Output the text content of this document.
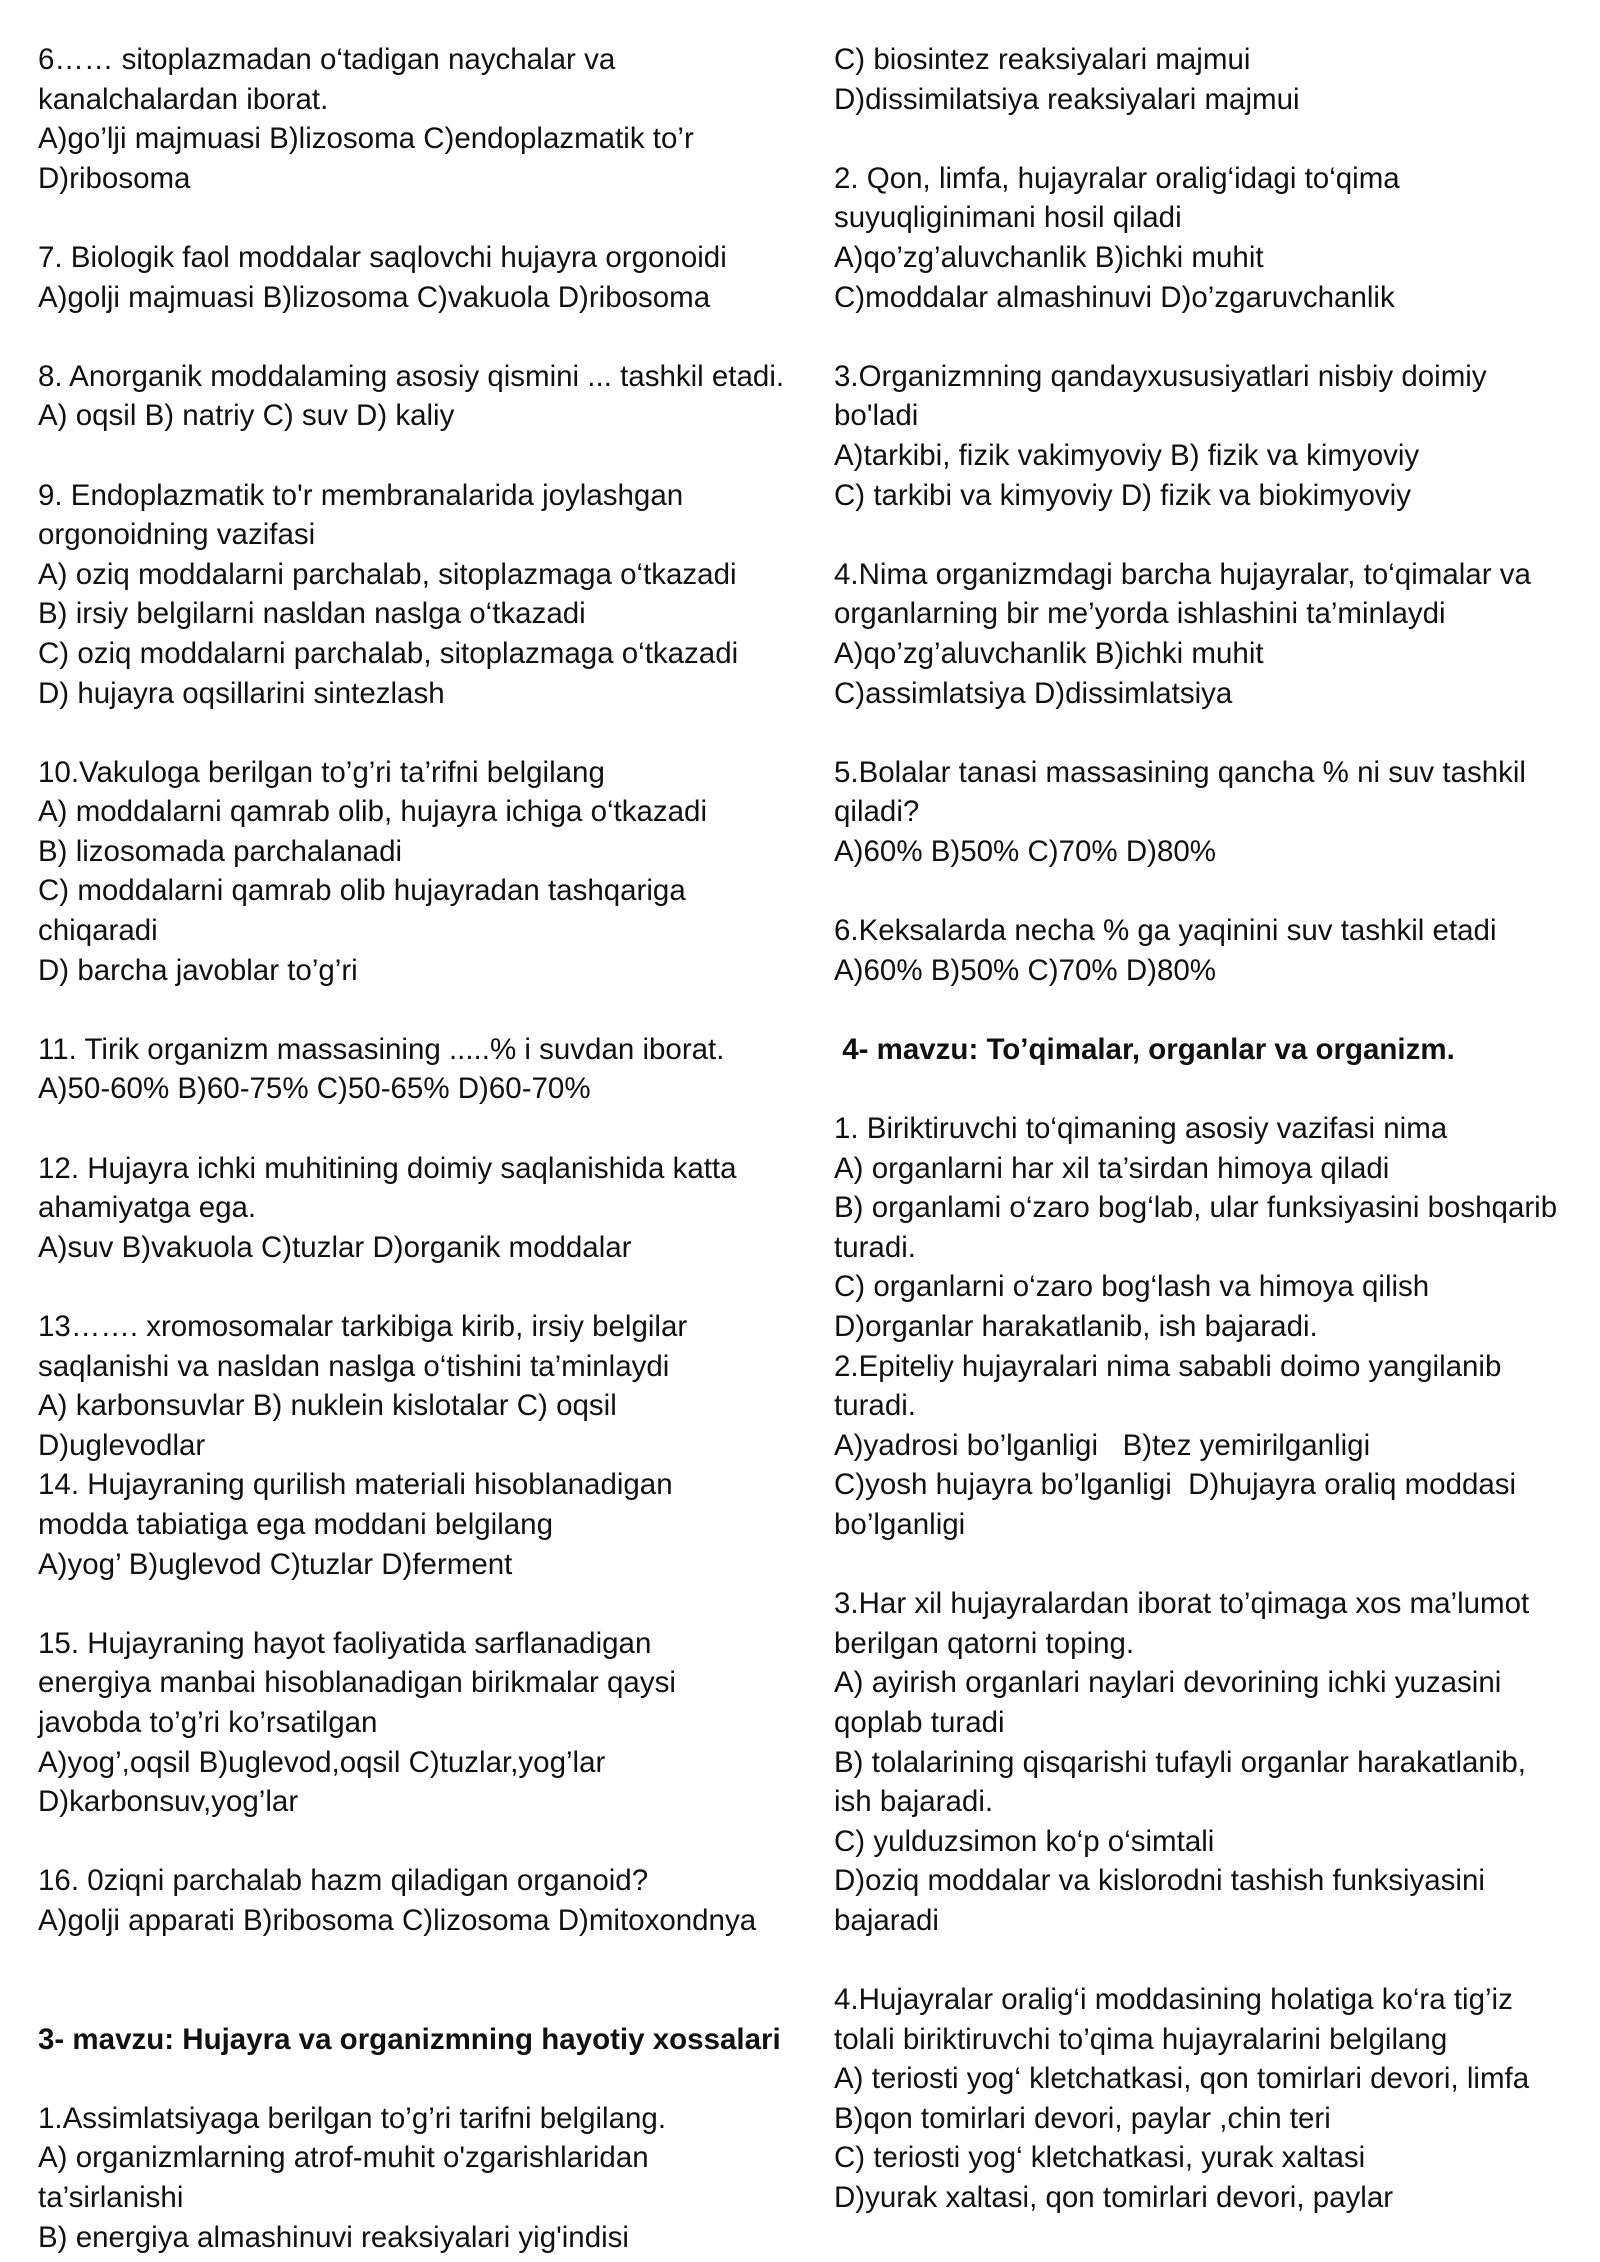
6…… sitoplazmadan o‘tadigan naychalar va
kanalchalardan iborat.
A)go’lji majmuasi B)lizosoma C)endoplazmatik to’r
D)ribosoma
7. Biologik faol moddalar saqlovchi hujayra orgonoidi
A)golji majmuasi B)lizosoma C)vakuola D)ribosoma
8. Anorganik moddalaming asosiy qismini ... tashkil etadi.
A) oqsil B) natriy C) suv D) kaliy
9. Endoplazmatik to'r membranalarida joylashgan
orgonoidning vazifasi
A) oziq moddalarni parchalab, sitoplazmaga o‘tkazadi
B) irsiy belgilarni nasldan naslga o‘tkazadi
C) oziq moddalarni parchalab, sitoplazmaga o‘tkazadi
D) hujayra oqsillarini sintezlash
10.Vakuloga berilgan to’g’ri ta’rifni belgilang
A) moddalarni qamrab olib, hujayra ichiga o‘tkazadi
B) lizosomada parchalanadi
C) moddalarni qamrab olib hujayradan tashqariga
chiqaradi
D) barcha javoblar to’g’ri
11. Tirik organizm massasining .....% i suvdan iborat.
A)50-60% B)60-75% C)50-65% D)60-70%
12. Hujayra ichki muhitining doimiy saqlanishida katta
ahamiyatga ega.
A)suv B)vakuola C)tuzlar D)organik moddalar
13……. xromosomalar tarkibiga kirib, irsiy belgilar
saqlanishi va nasldan naslga o‘tishini ta’minlaydi
A) karbonsuvlar B) nuklein kislotalar C) oqsil
D)uglevodlar
14. Hujayraning qurilish materiali hisoblanadigan
modda tabiatiga ega moddani belgilang
A)yog’ B)uglevod C)tuzlar D)ferment
15. Hujayraning hayot faoliyatida sarflanadigan
energiya manbai hisoblanadigan birikmalar qaysi
javobda to’g’ri ko’rsatilgan
A)yog’,oqsil B)uglevod,oqsil C)tuzlar,yog’lar
D)karbonsuv,yog’lar
16. 0ziqni parchalab hazm qiladigan organoid?
A)golji apparati B)ribosoma C)lizosoma D)mitoxondnya
3- mavzu: Hujayra va organizmning hayotiy xossalari
1.Assimlatsiyaga berilgan to’g’ri tarifni belgilang.
A) organizmlarning atrof-muhit o'zgarishlaridan
ta’sirlanishi
B) energiya almashinuvi reaksiyalari yig'indisi
C) biosintez reaksiyalari majmui
D)dissimilatsiya reaksiyalari majmui
2. Qon, limfa, hujayralar oralig‘idagi to‘qima
suyuqliginimani hosil qiladi
A)qo’zg’aluvchanlik B)ichki muhit
C)moddalar almashinuvi D)o’zgaruvchanlik
3.Organizmning qandayxususiyatlari nisbiy doimiy
bo'ladi
A)tarkibi, fizik vakimyoviy B) fizik va kimyoviy
C) tarkibi va kimyoviy D) fizik va biokimyoviy
4.Nima organizmdagi barcha hujayralar, to‘qimalar va
organlarning bir me’yorda ishlashini ta’minlaydi
A)qo’zg’aluvchanlik B)ichki muhit
C)assimlatsiya D)dissimlatsiya
5.Bolalar tanasi massasining qancha % ni suv tashkil
qiladi?
A)60% B)50% C)70% D)80%
6.Keksalarda necha % ga yaqinini suv tashkil etadi
A)60% B)50% C)70% D)80%
4- mavzu: To’qimalar, organlar va organizm.
1. Biriktiruvchi to‘qimaning asosiy vazifasi nima
A) organlarni har xil ta’sirdan himoya qiladi
B) organlami o‘zaro bog‘lab, ular funksiyasini boshqarib
turadi.
C) organlarni o‘zaro bog‘lash va himoya qilish
D)organlar harakatlanib, ish bajaradi.
2.Epiteliy hujayralari nima sababli doimo yangilanib
turadi.
A)yadrosi bo’lganligi   B)tez yemirilganligi
C)yosh hujayra bo’lganligi  D)hujayra oraliq moddasi
bo’lganligi
3.Har xil hujayralardan iborat to’qimaga xos ma’lumot
berilgan qatorni toping.
A) ayirish organlari naylari devorining ichki yuzasini
qoplab turadi
B) tolalarining qisqarishi tufayli organlar harakatlanib,
ish bajaradi.
C) yulduzsimon ko‘p o‘simtali
D)oziq moddalar va kislorodni tashish funksiyasini
bajaradi
4.Hujayralar oralig‘i moddasining holatiga ko‘ra tig’iz
tolali biriktiruvchi to’qima hujayralarini belgilang
A) teriosti yog‘ kletchatkasi, qon tomirlari devori, limfa
B)qon tomirlari devori, paylar ,chin teri
C) teriosti yog‘ kletchatkasi, yurak xaltasi
D)yurak xaltasi, qon tomirlari devori, paylar
